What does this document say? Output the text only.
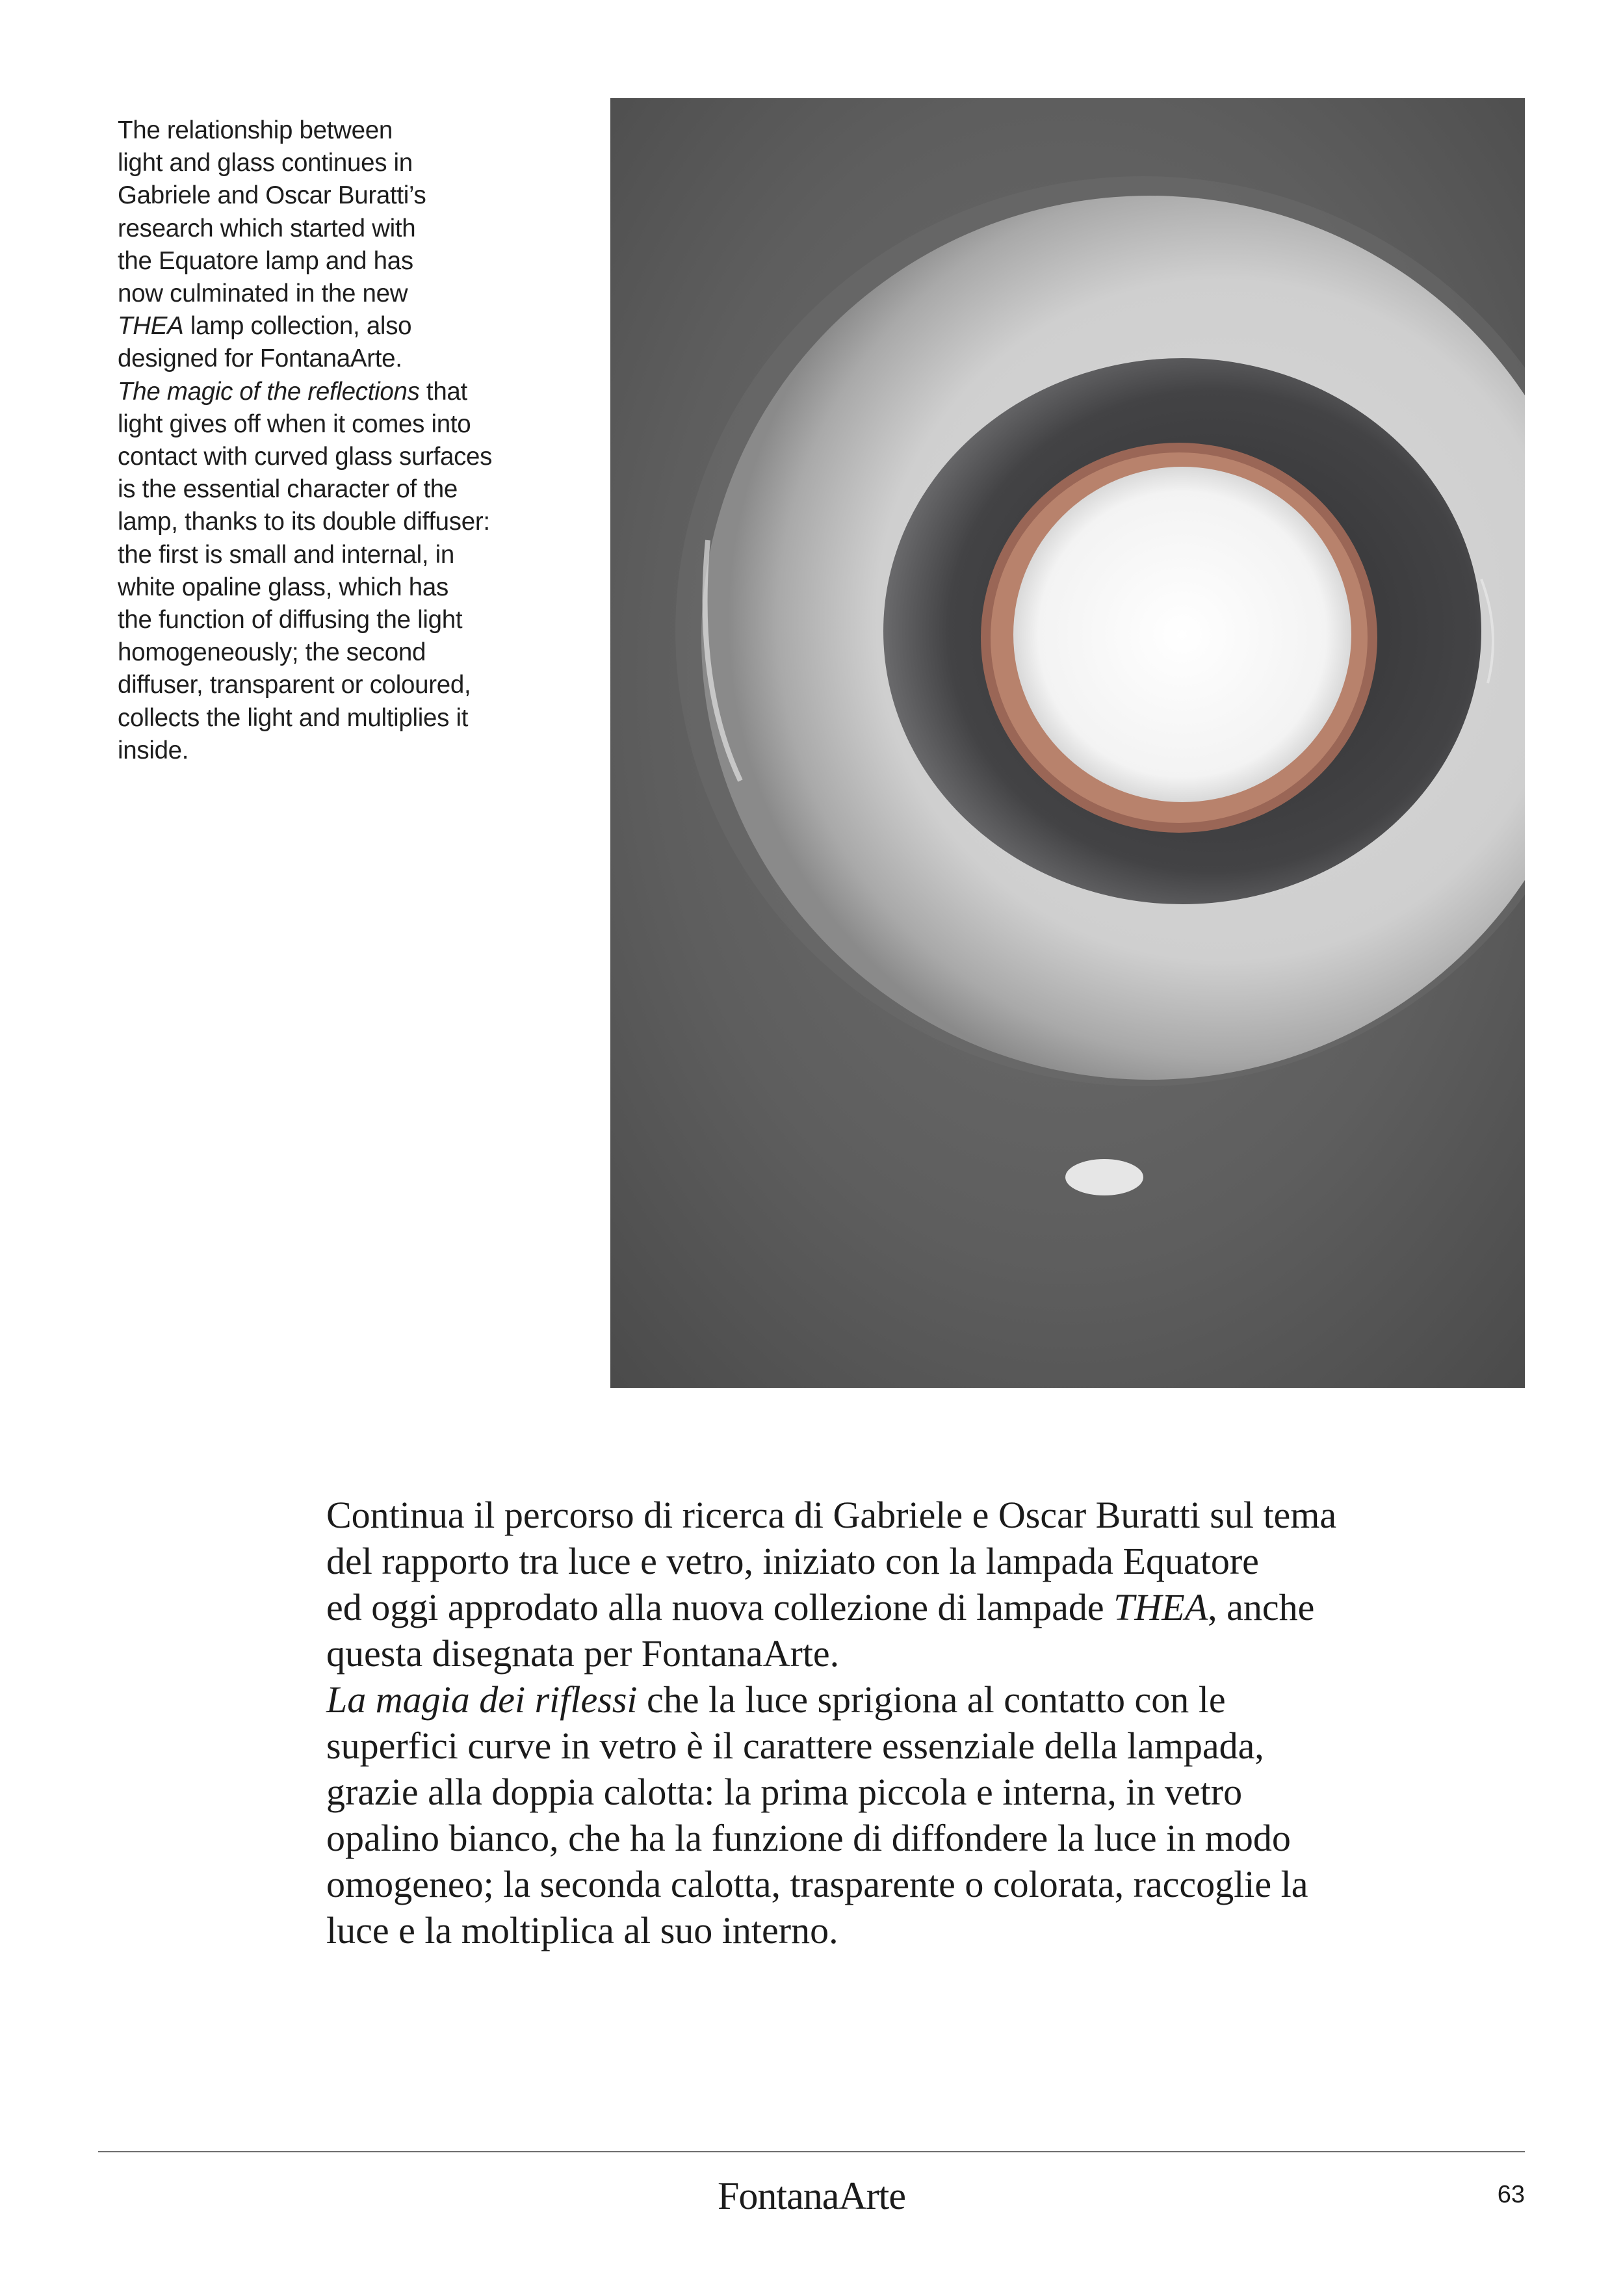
The relationship between
light and glass continues in
Gabriele and Oscar Buratti’s
research which started with
the Equatore lamp and has
now culminated in the new
THEA lamp collection, also
designed for FontanaArte.
The magic of the reflections that
light gives off when it comes into
contact with curved glass surfaces
is the essential character of the
lamp, thanks to its double diffuser:
the first is small and internal, in
white opaline glass, which has
the function of diffusing the light
homogeneously; the second
diffuser, transparent or coloured,
collects the light and multiplies it
inside.
Continua il percorso di ricerca di Gabriele e Oscar Buratti sul tema
del rapporto tra luce e vetro, iniziato con la lampada Equatore
ed oggi approdato alla nuova collezione di lampade THEA, anche
questa disegnata per FontanaArte.
La magia dei riflessi che la luce sprigiona al contatto con le
superfici curve in vetro è il carattere essenziale della lampada,
grazie alla doppia calotta: la prima piccola e interna, in vetro
opalino bianco, che ha la funzione di diffondere la luce in modo
omogeneo; la seconda calotta, trasparente o colorata, raccoglie la
luce e la moltiplica al suo interno.
FontanaArte	63
